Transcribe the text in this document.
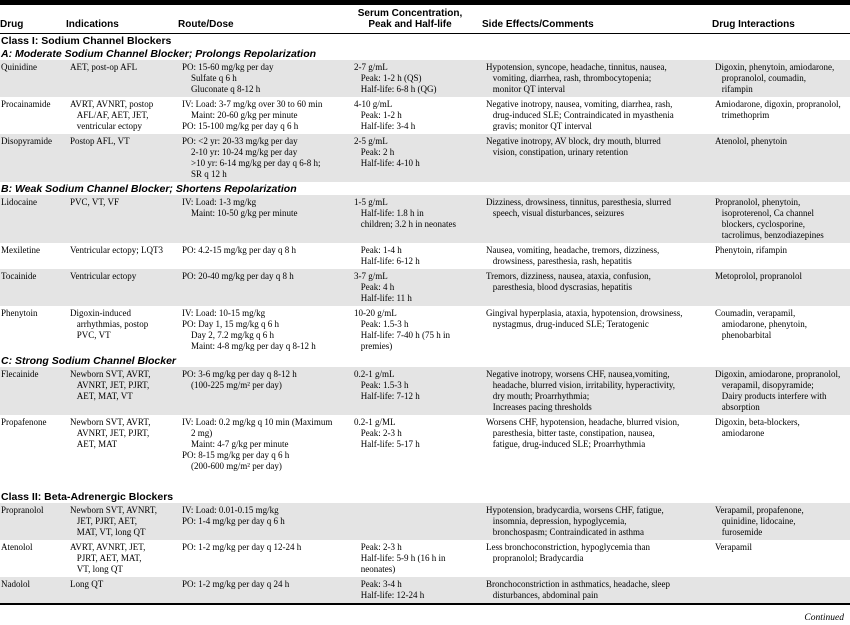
Drug	Indications	Route/Dose	Serum Concentration,
Peak and Half-life	Side Effects/Comments	Drug Interactions
Class I: Sodium Channel Blockers					
A: Moderate Sodium Channel Blocker; Prolongs Repolarization					
Quinidine	AET, post-op AFL	PO: 15-60 mg/kg per day
Sulfate q 6 h
Gluconate q 8-12 h	2-7 g/mL
Peak: 1-2 h (QS)
Half-life: 6-8 h (QG)	Hypotension, syncope, headache, tinnitus, nausea,
vomiting, diarrhea, rash, thrombocytopenia;
monitor QT interval	Digoxin, phenytoin, amiodarone,
propranolol, coumadin,
rifampin
Procainamide	AVRT, AVNRT, postop
AFL/AF, AET, JET,
ventricular ectopy	IV: Load: 3-7 mg/kg over 30 to 60 min
Maint: 20-60 g/kg per minute
PO: 15-100 mg/kg per day q 6 h	4-10 g/mL
Peak: 1-2 h
Half-life: 3-4 h	Negative inotropy, nausea, vomiting, diarrhea, rash,
drug-induced SLE; Contraindicated in myasthenia
gravis; monitor QT interval	Amiodarone, digoxin, propranolol,
trimethoprim
Disopyramide	Postop AFL, VT	PO: <2 yr: 20-33 mg/kg per day
2-10 yr: 10-24 mg/kg per day
>10 yr: 6-14 mg/kg per day q 6-8 h;
SR q 12 h	2-5 g/mL
Peak: 2 h
Half-life: 4-10 h	Negative inotropy, AV block, dry mouth, blurred
vision, constipation, urinary retention	Atenolol, phenytoin
B: Weak Sodium Channel Blocker; Shortens Repolarization					
Lidocaine	PVC, VT, VF	IV: Load: 1-3 mg/kg
Maint: 10-50 g/kg per minute	1-5 g/mL
Half-life: 1.8 h in
children; 3.2 h in neonates	Dizziness, drowsiness, tinnitus, paresthesia, slurred
speech, visual disturbances, seizures	Propranolol, phenytoin,
isoproterenol, Ca channel
blockers, cyclosporine,
tacrolimus, benzodiazepines
Mexiletine	Ventricular ectopy; LQT3	PO: 4.2-15 mg/kg per day q 8 h	Peak: 1-4 h
Half-life: 6-12 h	Nausea, vomiting, headache, tremors, dizziness,
drowsiness, paresthesia, rash, hepatitis	Phenytoin, rifampin
Tocainide	Ventricular ectopy	PO: 20-40 mg/kg per day q 8 h	3-7 g/mL
Peak: 4 h
Half-life: 11 h	Tremors, dizziness, nausea, ataxia, confusion,
paresthesia, blood dyscrasias, hepatitis	Metoprolol, propranolol
Phenytoin	Digoxin-induced
arrhythmias, postop
PVC, VT	IV: Load: 10-15 mg/kg
PO: Day 1, 15 mg/kg q 6 h
Day 2, 7.2 mg/kg q 6 h
Maint: 4-8 mg/kg per day q 8-12 h	10-20 g/mL
Peak: 1.5-3 h
Half-life: 7-40 h (75 h in
premies)	Gingival hyperplasia, ataxia, hypotension, drowsiness,
nystagmus, drug-induced SLE; Teratogenic	Coumadin, verapamil,
amiodarone, phenytoin,
phenobarbital
C: Strong Sodium Channel Blocker					
Flecainide	Newborn SVT, AVRT,
AVNRT, JET, PJRT,
AET, MAT, VT	PO: 3-6 mg/kg per day q 8-12 h
(100-225 mg/m² per day)	0.2-1 g/mL
Peak: 1.5-3 h
Half-life: 7-12 h	Negative inotropy, worsens CHF, nausea,vomiting,
headache, blurred vision, irritability, hyperactivity,
dry mouth; Proarrhythmia;
Increases pacing thresholds	Digoxin, amiodarone, propranolol,
verapamil, disopyramide;
Dairy products interfere with
absorption
Propafenone	Newborn SVT, AVRT,
AVNRT, JET, PJRT,
AET, MAT	IV: Load: 0.2 mg/kg q 10 min (Maximum
2 mg)
Maint: 4-7 g/kg per minute
PO: 8-15 mg/kg per day q 6 h
(200-600 mg/m² per day)	0.2-1 g/ML
Peak: 2-3 h
Half-life: 5-17 h	Worsens CHF, hypotension, headache, blurred vision,
paresthesia, bitter taste, constipation, nausea,
fatigue, drug-induced SLE; Proarrhythmia	Digoxin, beta-blockers,
amiodarone

Class II: Beta-Adrenergic Blockers					
Propranolol	Newborn SVT, AVNRT,
JET, PJRT, AET,
MAT, VT, long QT	IV: Load: 0.01-0.15 mg/kg
PO: 1-4 mg/kg per day q 6 h		Hypotension, bradycardia, worsens CHF, fatigue,
insomnia, depression, hypoglycemia,
bronchospasm; Contraindicated in asthma	Verapamil, propafenone,
quinidine, lidocaine,
furosemide
Atenolol	AVRT, AVNRT, JET,
PJRT, AET, MAT,
VT, long QT	PO: 1-2 mg/kg per day q 12-24 h	Peak: 2-3 h
Half-life: 5-9 h (16 h in
neonates)	Less bronchoconstriction, hypoglycemia than
propranolol; Bradycardia	Verapamil
Nadolol	Long QT	PO: 1-2 mg/kg per day q 24 h	Peak: 3-4 h
Half-life: 12-24 h	Bronchoconstriction in asthmatics, headache, sleep
disturbances, abdominal pain	
Continued
